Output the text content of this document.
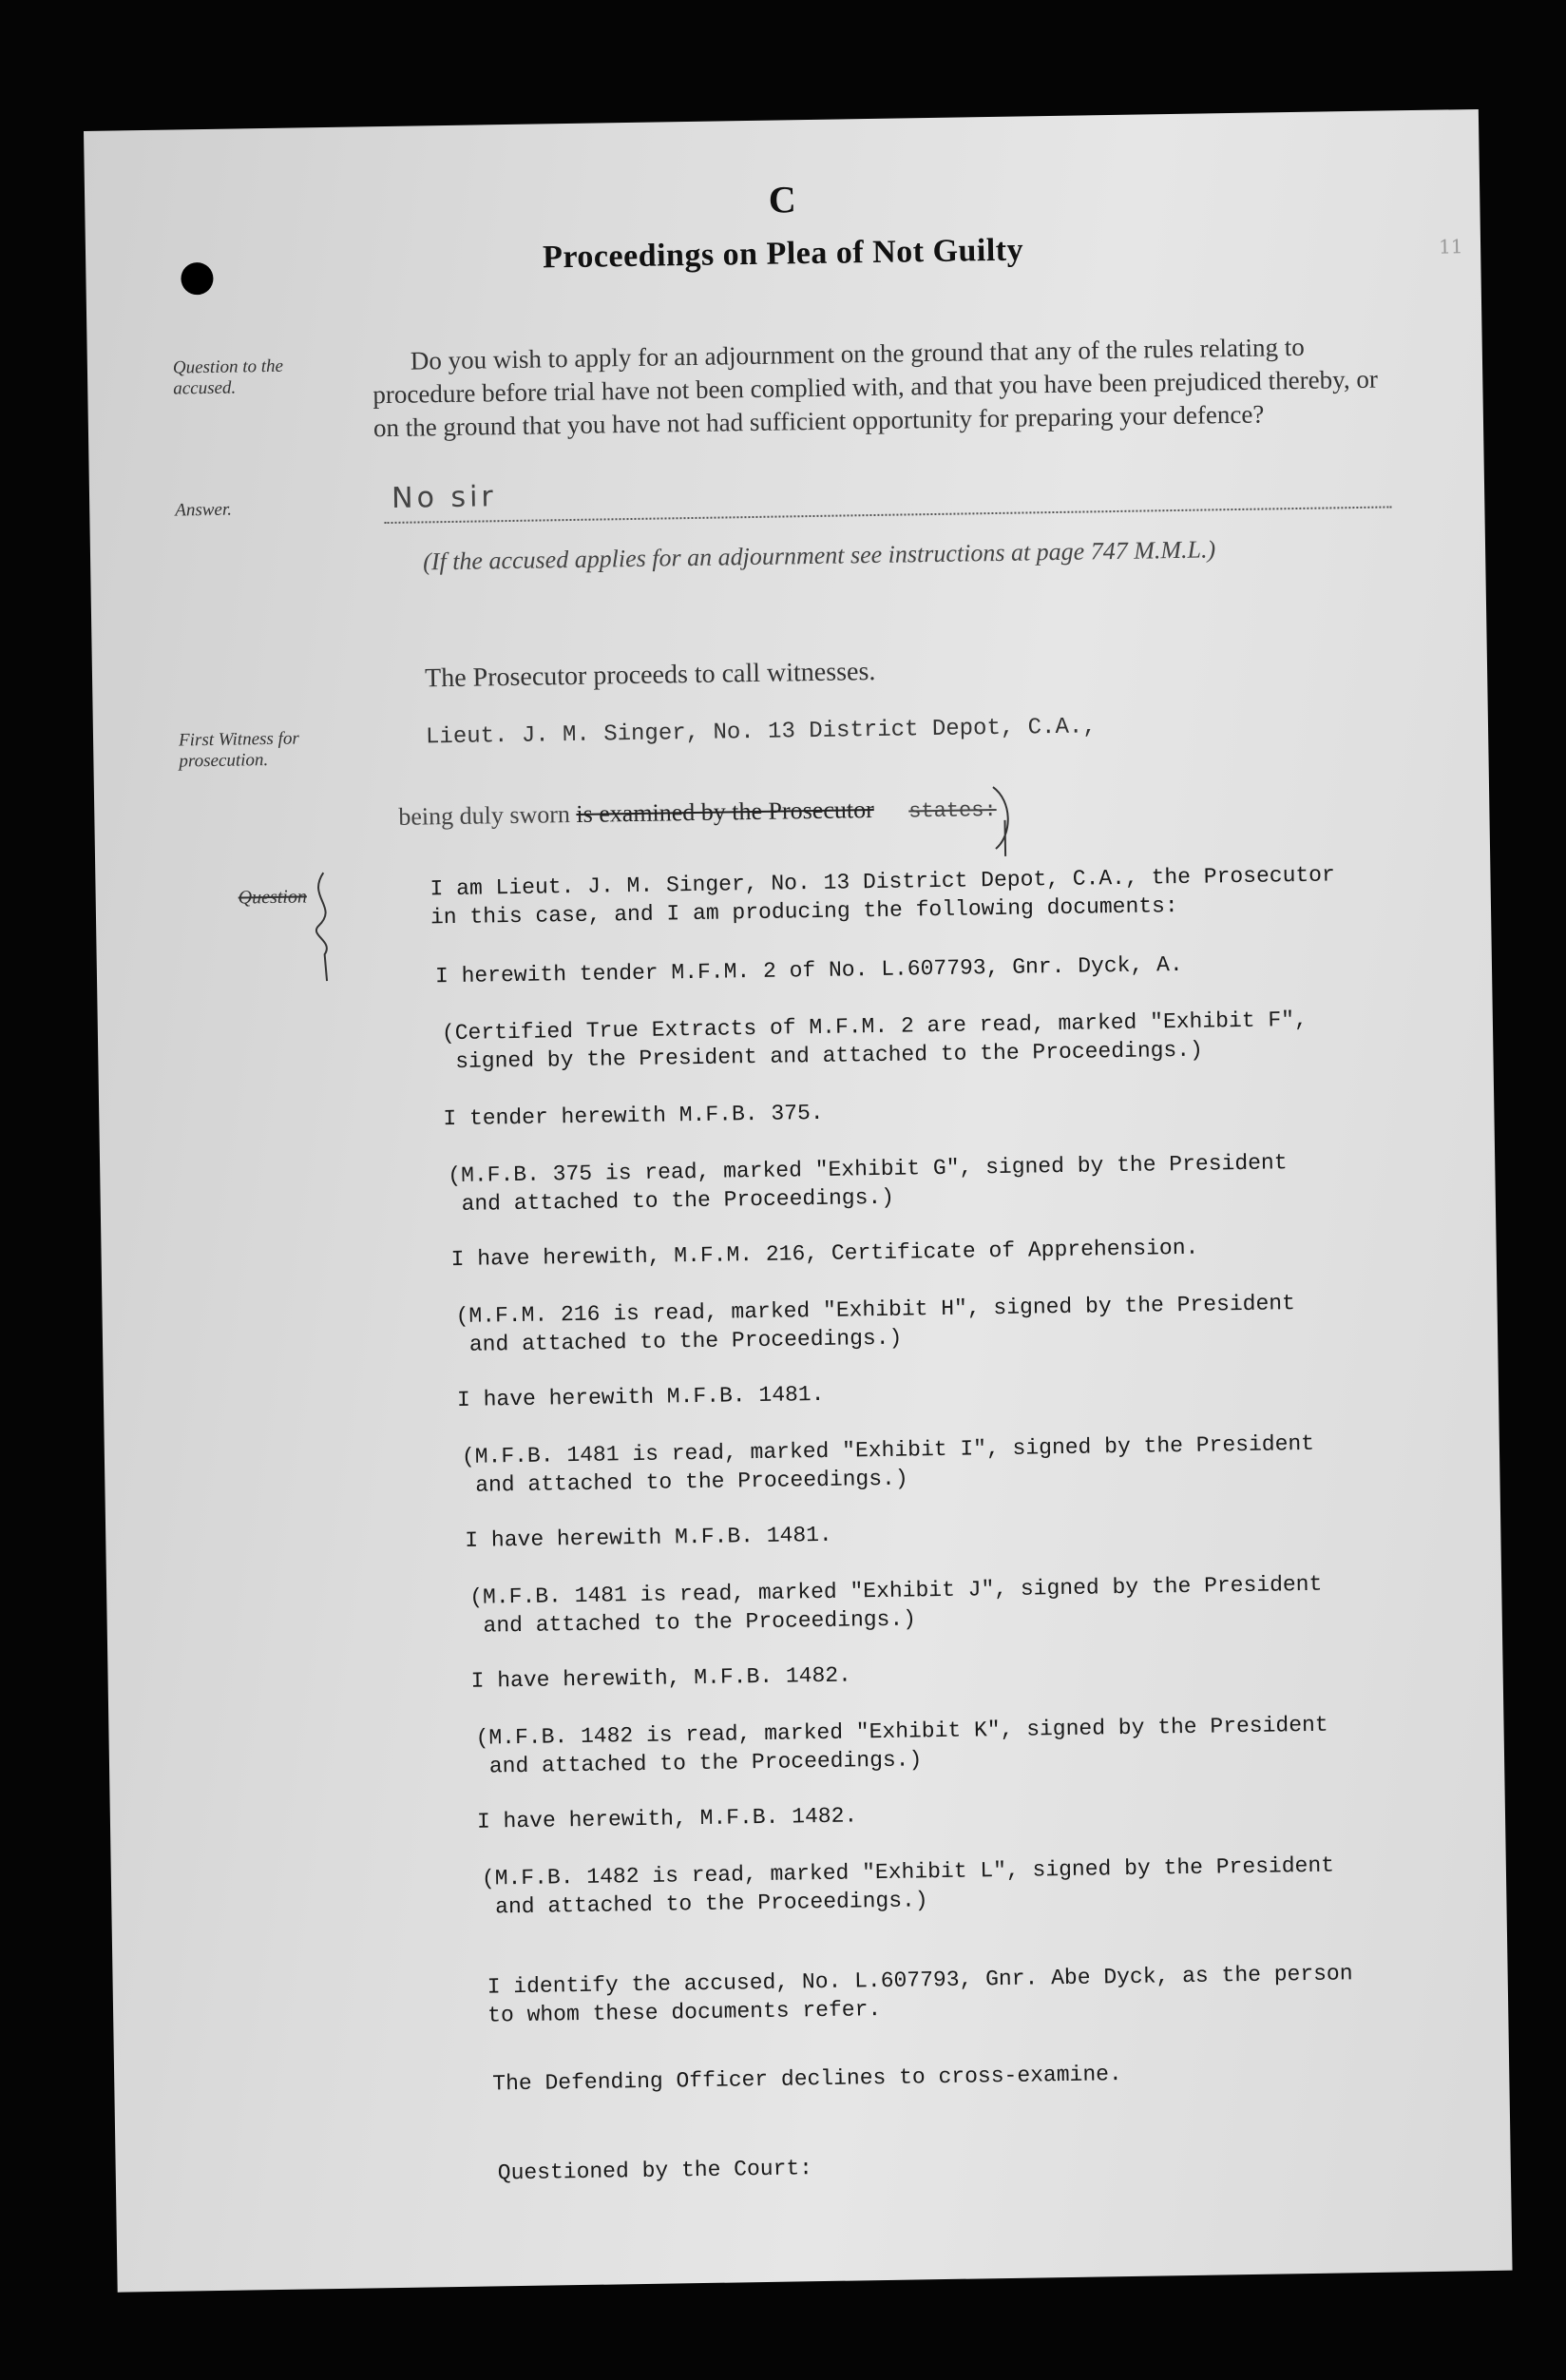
11
C
Proceedings on Plea of Not Guilty
Question to the accused.
Do you wish to apply for an adjournment on the ground that any of the rules relating to procedure before trial have not been complied with, and that you have been prejudiced thereby, or on the ground that you have not had sufficient opportunity for preparing your defence?
Answer.	No sir
(If the accused applies for an adjournment see instructions at page 747 M.M.L.)
The Prosecutor proceeds to call witnesses.
First Witness for prosecution.
Lieut. J. M. Singer, No. 13 District Depot, C.A.,
being duly sworn is examined by the Prosecutor states:
Question	I am Lieut. J. M. Singer, No. 13 District Depot, C.A., the Prosecutor
in this case, and I am producing the following documents:
I herewith tender M.F.M. 2 of No. L.607793, Gnr. Dyck, A.
(Certified True Extracts of M.F.M. 2 are read, marked "Exhibit F",
signed by the President and attached to the Proceedings.)
I tender herewith M.F.B. 375.
(M.F.B. 375 is read, marked "Exhibit G", signed by the President
and attached to the Proceedings.)
I have herewith, M.F.M. 216, Certificate of Apprehension.
(M.F.M. 216 is read, marked "Exhibit H", signed by the President
and attached to the Proceedings.)
I have herewith M.F.B. 1481.
(M.F.B. 1481 is read, marked "Exhibit I", signed by the President
and attached to the Proceedings.)
I have herewith M.F.B. 1481.
(M.F.B. 1481 is read, marked "Exhibit J", signed by the President
and attached to the Proceedings.)
I have herewith, M.F.B. 1482.
(M.F.B. 1482 is read, marked "Exhibit K", signed by the President
and attached to the Proceedings.)
I have herewith, M.F.B. 1482.
(M.F.B. 1482 is read, marked "Exhibit L", signed by the President
and attached to the Proceedings.)
I identify the accused, No. L.607793, Gnr. Abe Dyck, as the person
to whom these documents refer.
The Defending Officer declines to cross-examine.
Questioned by the Court:
